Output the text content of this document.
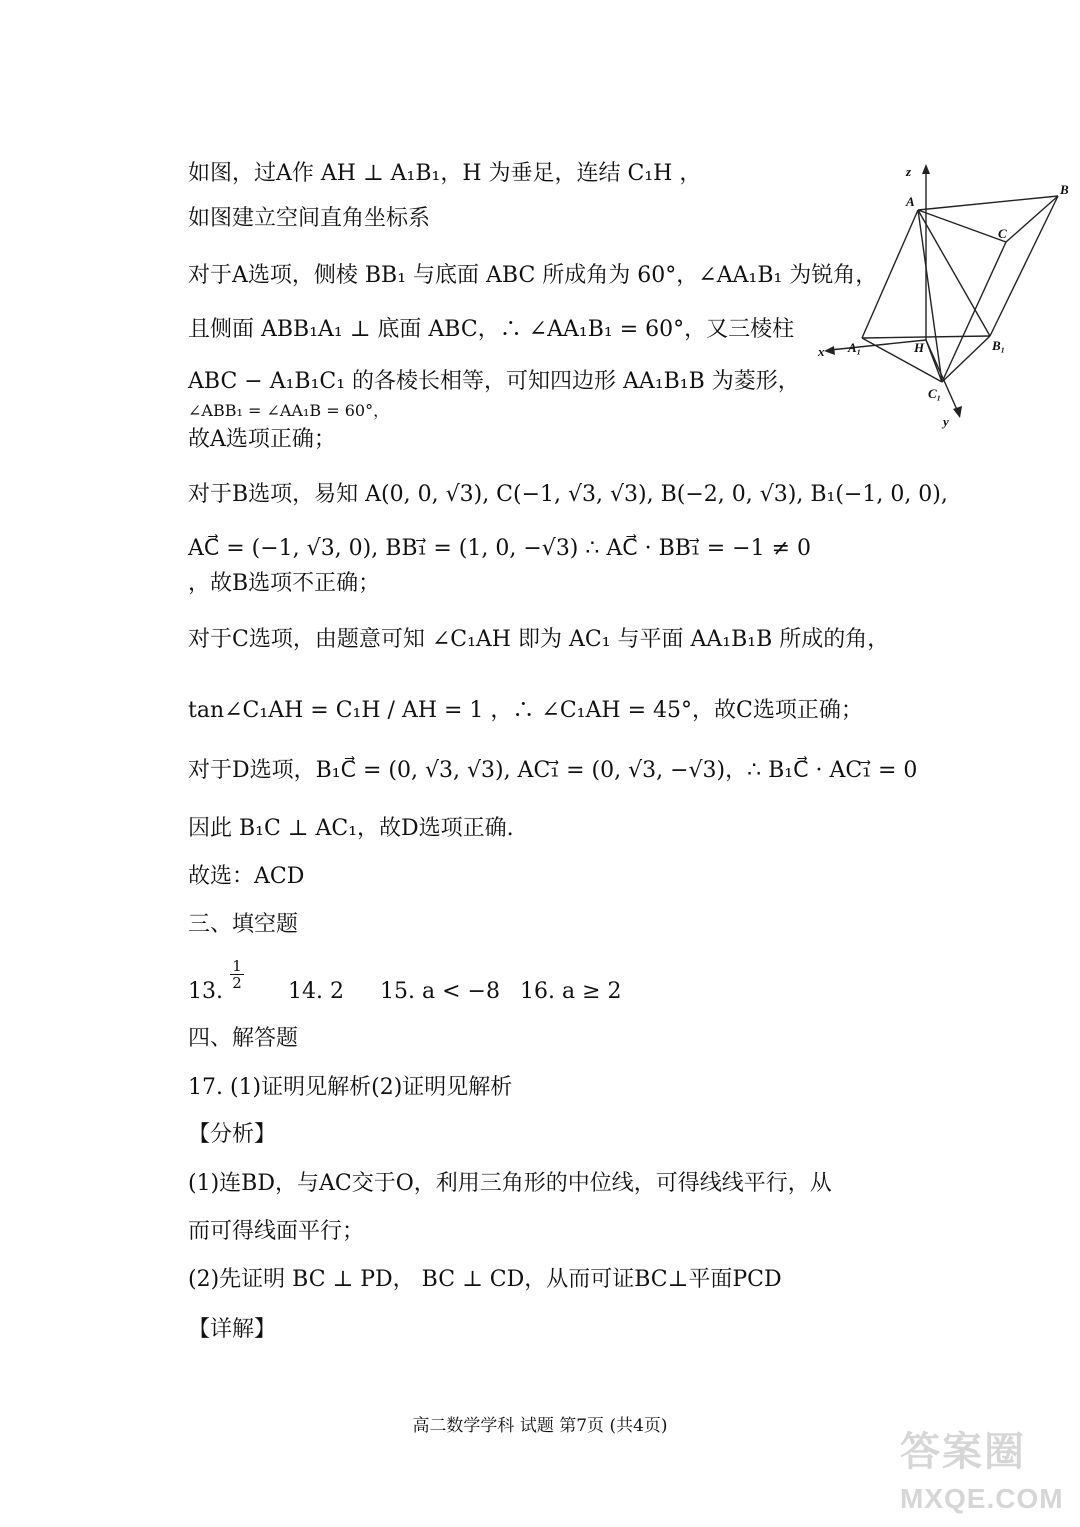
如图，过A作 AH ⊥ A₁B₁，H 为垂足，连结 C₁H ，
如图建立空间直角坐标系
对于A选项，侧棱 BB₁ 与底面 ABC 所成角为 60°，∠AA₁B₁ 为锐角，
且侧面 ABB₁A₁ ⊥ 底面 ABC，∴ ∠AA₁B₁ = 60°，又三棱柱
ABC − A₁B₁C₁ 的各棱长相等，可知四边形 AA₁B₁B 为菱形，
∠ABB₁ = ∠AA₁B = 60°，
故A选项正确；
对于B选项，易知 A(0, 0, √3), C(−1, √3, √3), B(−2, 0, √3), B₁(−1, 0, 0),
AC⃗ = (−1, √3, 0), BB₁⃗ = (1, 0, −√3) ∴ AC⃗ · BB₁⃗ = −1 ≠ 0
，故B选项不正确；
对于C选项，由题意可知 ∠C₁AH 即为 AC₁ 与平面 AA₁B₁B 所成的角，
tan∠C₁AH = C₁H / AH = 1 ，∴ ∠C₁AH = 45°，故C选项正确；
对于D选项，B₁C⃗ = (0, √3, √3), AC₁⃗ = (0, √3, −√3)，∴ B₁C⃗ · AC₁⃗ = 0
因此 B₁C ⊥ AC₁，故D选项正确.
故选：ACD
三、填空题
13.
1
2 14. 2 15. a < −8 16. a ≥ 2
四、解答题
17. (1)证明见解析(2)证明见解析
【分析】
(1)连BD，与AC交于O，利用三角形的中位线，可得线线平行，从
而可得线面平行；
(2)先证明 BC ⊥ PD， BC ⊥ CD，从而可证BC⊥平面PCD
【详解】
z
x
y
A
B
C
A₁	H	B₁
C₁
高二数学学科 试题 第7页 (共4页)
答案圈
MXQE.COM
